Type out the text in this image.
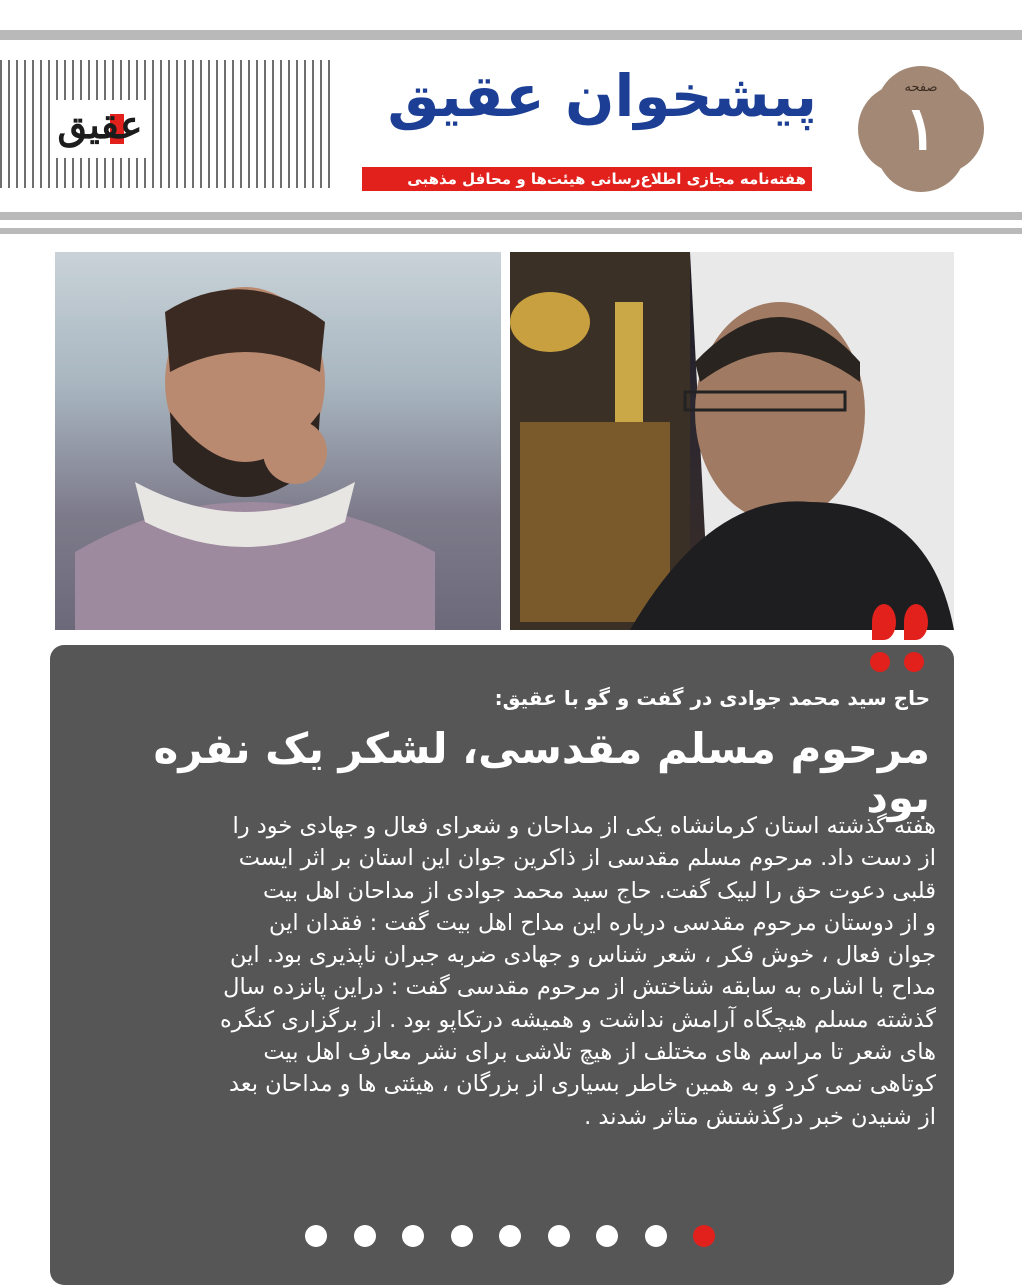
عقیق	پیشخوان عقیق
هفته‌نامه مجازی اطلاع‌رسانی هیئت‌ها و محافل مذهبی
صفحه
۱
حاج سید محمد جوادی در گفت و گو با عقیق:
مرحوم مسلم مقدسی، لشکر یک نفره بود
هفته گذشته استان کرمانشاه یکی از مداحان و شعرای فعال و جهادی خود را
از دست داد. مرحوم مسلم مقدسی از ذاکرین جوان این استان بر اثر ایست
قلبی دعوت حق را لبیک گفت. حاج سید محمد جوادی از مداحان اهل بیت
و از دوستان مرحوم مقدسی درباره این مداح اهل بیت گفت : فقدان این
جوان فعال ، خوش فکر ، شعر شناس و جهادی ضربه جبران ناپذیری بود. این
مداح با اشاره به سابقه شناختش از مرحوم مقدسی گفت : دراین پانزده سال
گذشته مسلم هیچگاه آرامش نداشت و همیشه درتکاپو بود . از برگزاری کنگره
های شعر تا مراسم های مختلف از هیچ تلاشی برای نشر معارف اهل بیت
کوتاهی نمی کرد و به همین خاطر بسیاری از بزرگان ، هیئتی ها و مداحان بعد
از شنیدن خبر درگذشتش متاثر شدند .
